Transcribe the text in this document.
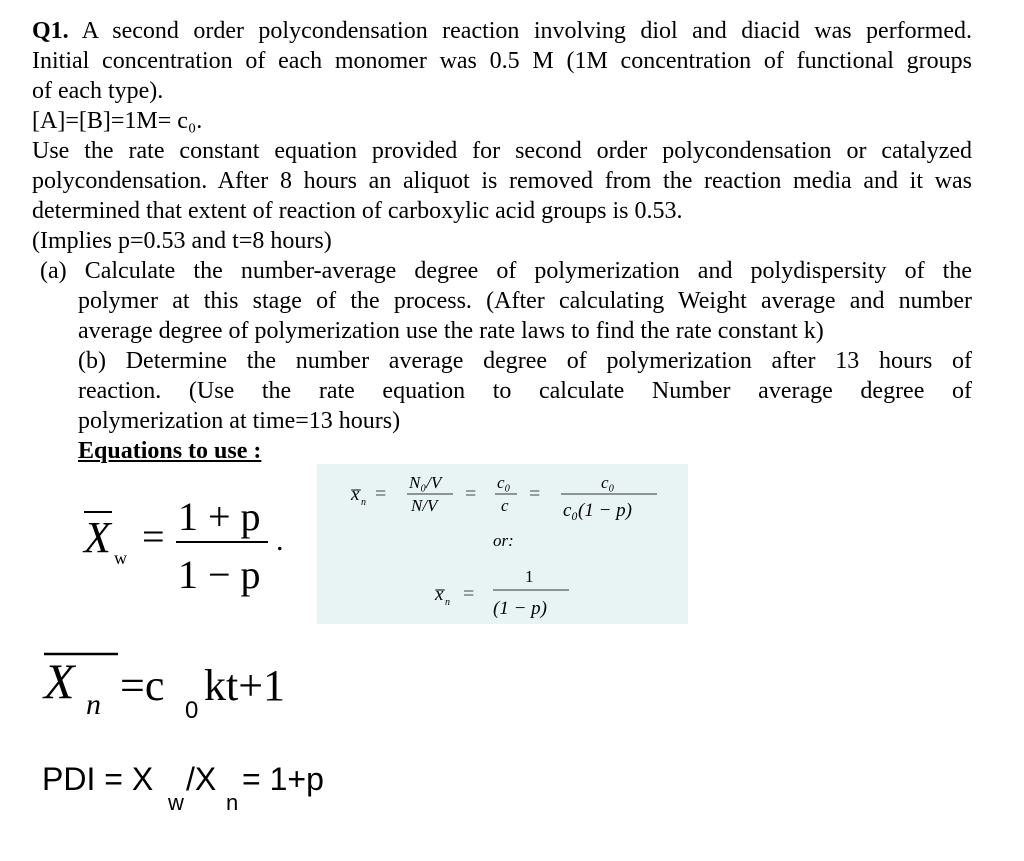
Q1. A second order polycondensation reaction involving diol and diacid was performed.
Initial concentration of each monomer was 0.5 M (1M concentration of functional groups
of each type).
[A]=[B]=1M= c₀.
Use the rate constant equation provided for second order polycondensation or catalyzed
polycondensation. After 8 hours an aliquot is removed from the reaction media and it was
determined that extent of reaction of carboxylic acid groups is 0.53.
(Implies p=0.53 and t=8 hours)
(a) Calculate the number-average degree of polymerization and polydispersity of the
polymer at this stage of the process. (After calculating Weight average and number
average degree of polymerization use the rate laws to find the rate constant k)
(b) Determine the number average degree of polymerization after 13 hours of
reaction. (Use the rate equation to calculate Number average degree of
polymerization at time=13 hours)
Equations to use :
X w = 1 + p
1 − p
.
x̅ n =
N₀/V
N/V
=
c₀
c
=
c₀
c₀(1 − p)
or:
x̅ n =
1
(1 − p)
X n =c
0
kt+1
PDI = X
w
/X
n
= 1+p
